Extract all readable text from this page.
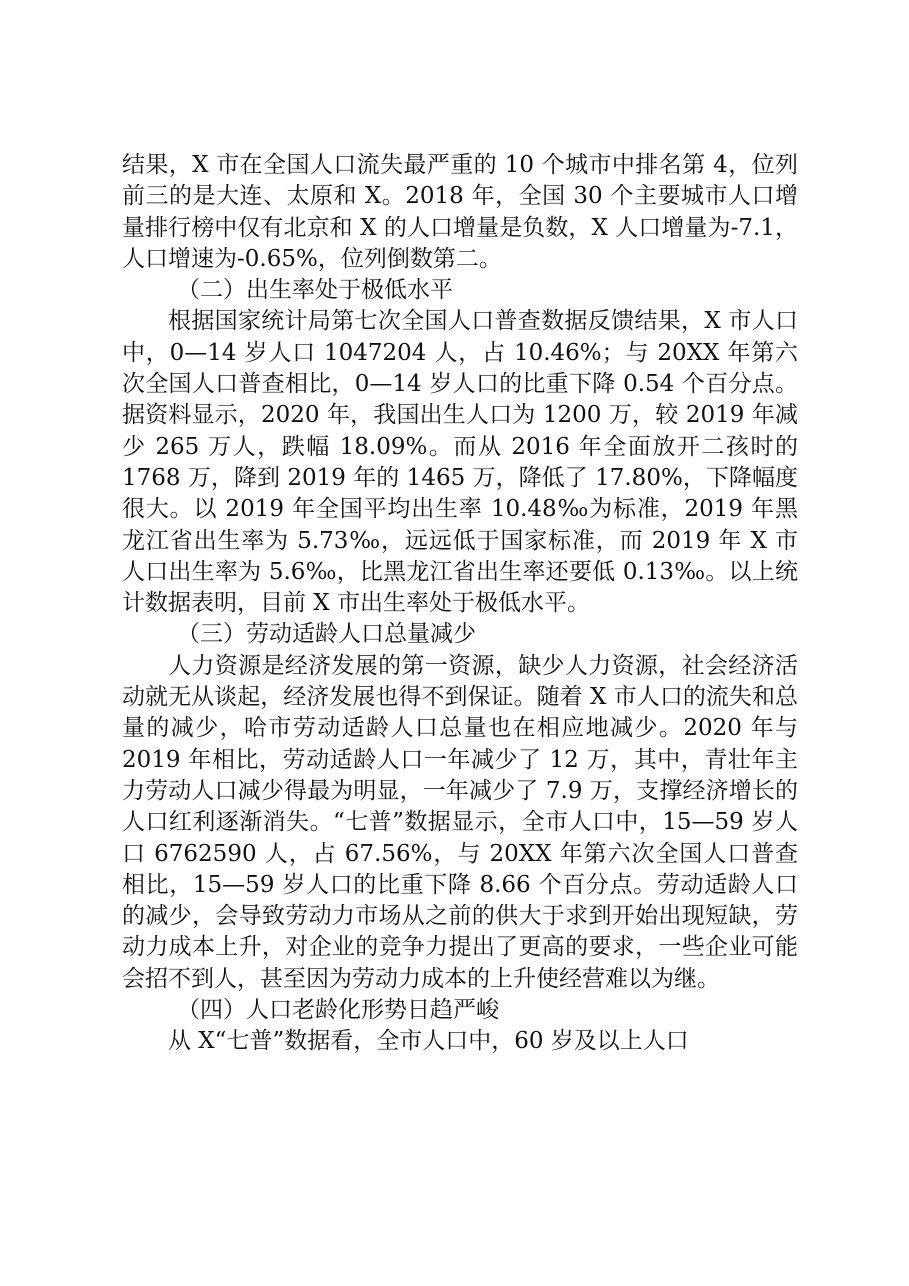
结果，X 市在全国人口流失最严重的 10 个城市中排名第 4，位列前三的是大连、太原和 X。2018 年，全国 30 个主要城市人口增量排行榜中仅有北京和 X 的人口增量是负数，X 人口增量为-7.1，人口增速为-0.65%，位列倒数第二。

（二）出生率处于极低水平

根据国家统计局第七次全国人口普查数据反馈结果，X 市人口中，0—14 岁人口 1047204 人，占 10.46%；与 20XX 年第六次全国人口普查相比，0—14 岁人口的比重下降 0.54 个百分点。据资料显示，2020 年，我国出生人口为 1200 万，较 2019 年减少 265 万人，跌幅 18.09%。而从 2016 年全面放开二孩时的 1768 万，降到 2019 年的 1465 万，降低了 17.80%，下降幅度很大。以 2019 年全国平均出生率 10.48‰为标准，2019 年黑龙江省出生率为 5.73‰，远远低于国家标准，而 2019 年 X 市人口出生率为 5.6‰，比黑龙江省出生率还要低 0.13‰。以上统计数据表明，目前 X 市出生率处于极低水平。

（三）劳动适龄人口总量减少

人力资源是经济发展的第一资源，缺少人力资源，社会经济活动就无从谈起，经济发展也得不到保证。随着 X 市人口的流失和总量的减少，哈市劳动适龄人口总量也在相应地减少。2020 年与 2019 年相比，劳动适龄人口一年减少了 12 万，其中，青壮年主力劳动人口减少得最为明显，一年减少了 7.9 万，支撑经济增长的人口红利逐渐消失。“七普”数据显示，全市人口中，15—59 岁人口 6762590 人，占 67.56%，与 20XX 年第六次全国人口普查相比，15—59 岁人口的比重下降 8.66 个百分点。劳动适龄人口的减少，会导致劳动力市场从之前的供大于求到开始出现短缺，劳动力成本上升，对企业的竞争力提出了更高的要求，一些企业可能会招不到人，甚至因为劳动力成本的上升使经营难以为继。

（四）人口老龄化形势日趋严峻

从 X“七普”数据看，全市人口中，60 岁及以上人口
